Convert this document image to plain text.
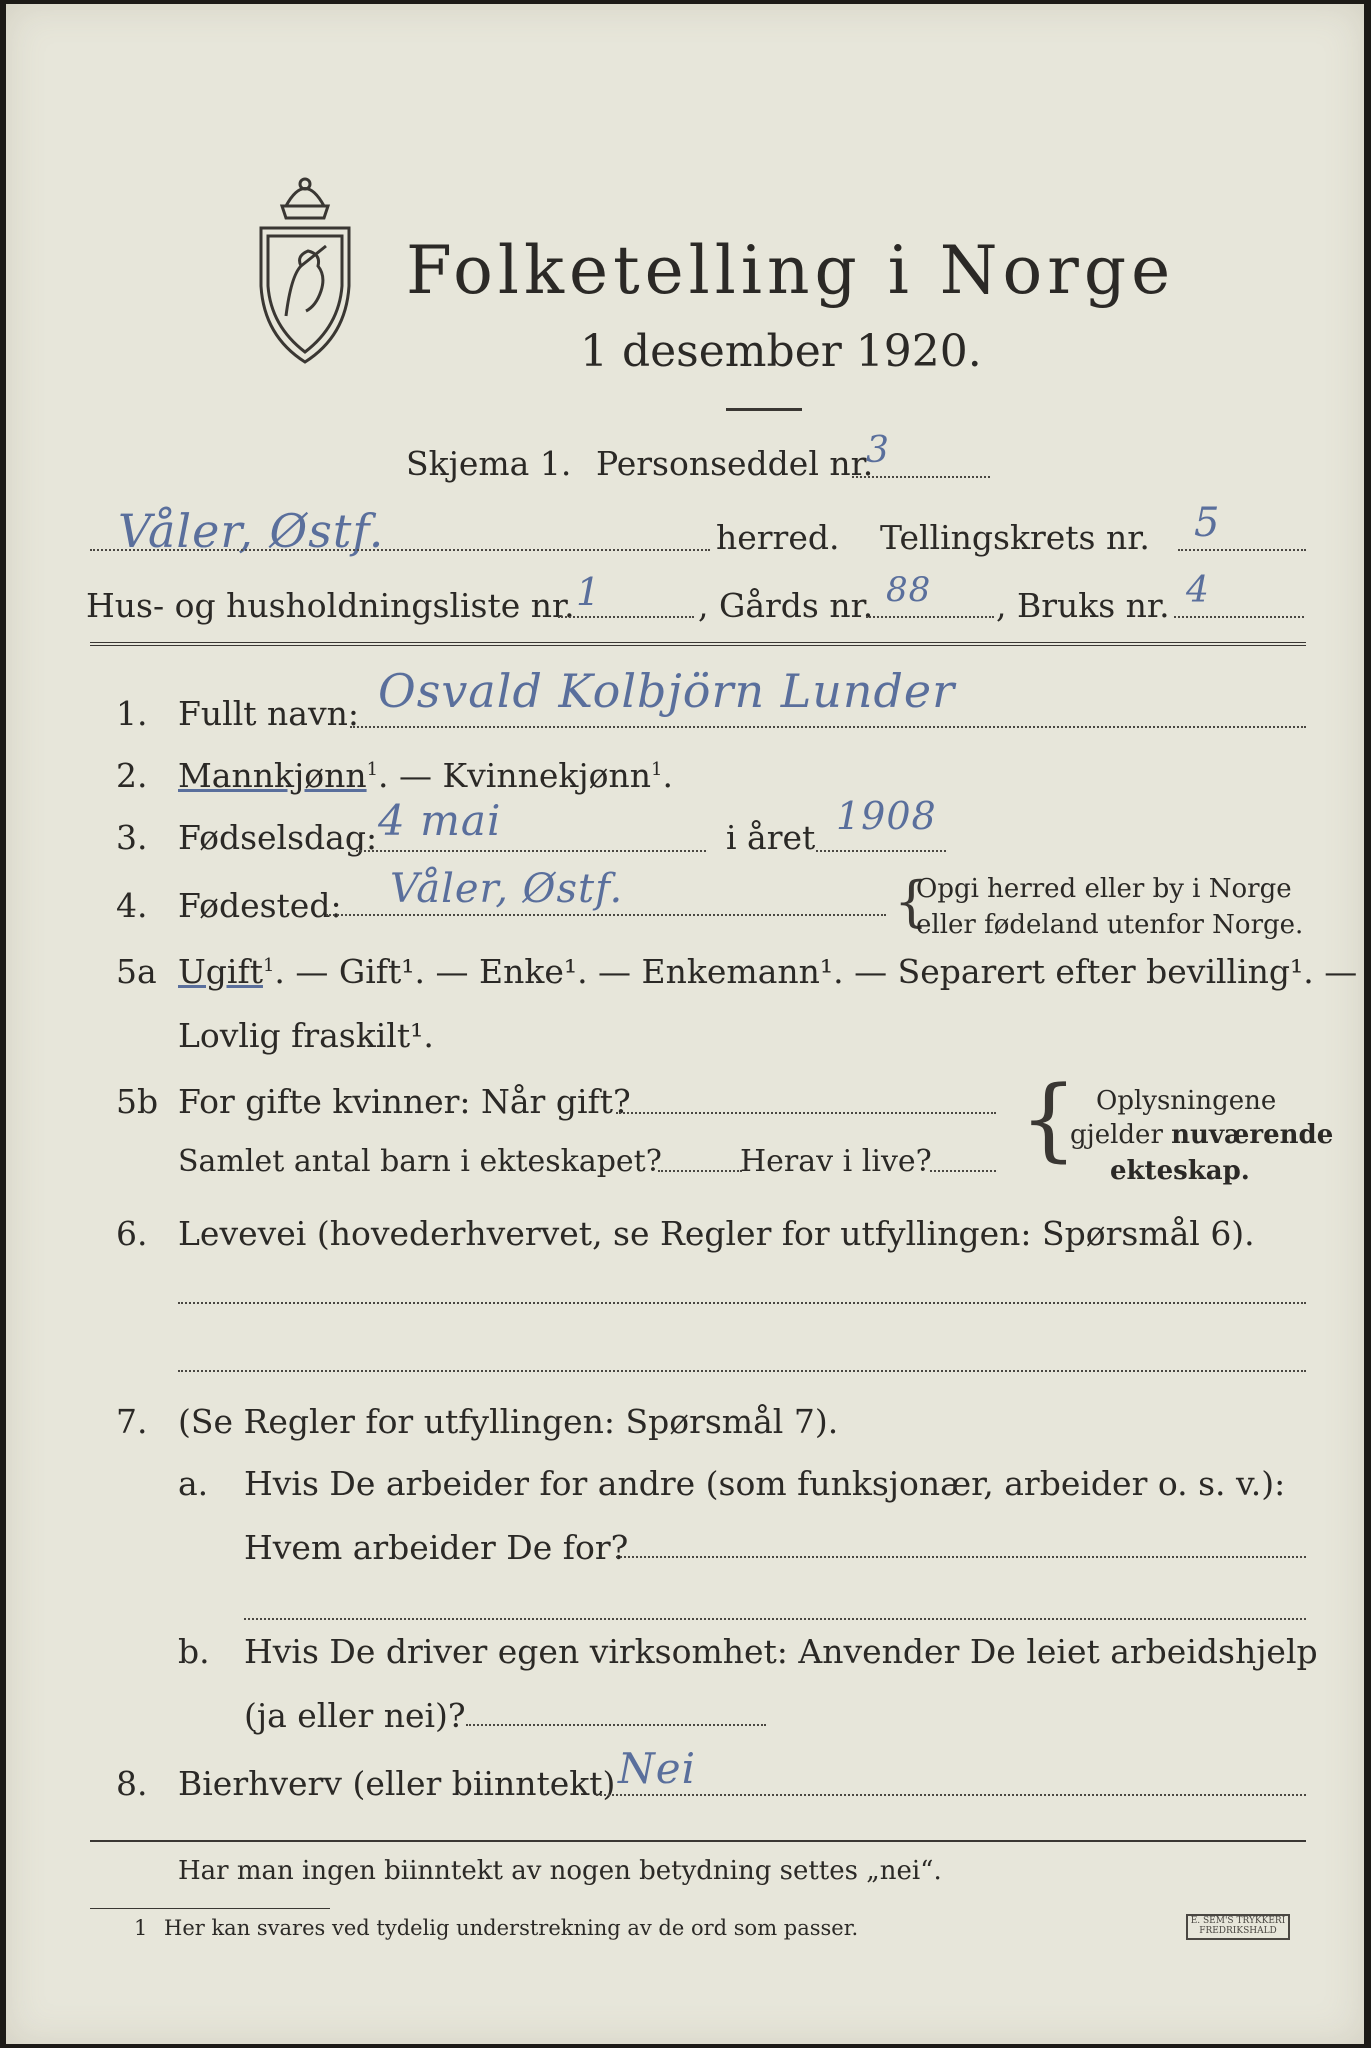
Folketelling i Norge
1 desember 1920.
Skjema 1. Personseddel nr.
3
Våler, Østf.	herred. Tellingskrets nr. 5
Hus- og husholdningsliste nr. 1	, Gårds nr. 88 , Bruks nr. 4
1. Fullt navn: Osvald Kolbjörn Lunder
2. Mannkjønn$^1$. — Kvinnekjønn$^1$.
3. Fødselsdag: 4 mai	i året 1908
4. Fødested: Våler, Østf.	{
Opgi herred eller by i Norge
eller fødeland utenfor Norge.
5a Ugift$^1$. — Gift¹. — Enke¹. — Enkemann¹. — Separert efter bevilling¹. —
Lovlig fraskilt¹.
5b For gifte kvinner: Når gift?
Samlet antal barn i ekteskapet?	Herav i live? { Oplysningene
gjelder nuværende
ekteskap.
6. Levevei (hovederhvervet, se Regler for utfyllingen: Spørsmål 6).
7. (Se Regler for utfyllingen: Spørsmål 7).
a. Hvis De arbeider for andre (som funksjonær, arbeider o. s. v.):
Hvem arbeider De for?
b. Hvis De driver egen virksomhet: Anvender De leiet arbeidshjelp
(ja eller nei)?
8. Bierhverv (eller biinntekt) Nei
Har man ingen biinntekt av nogen betydning settes „nei“.
1 Her kan svares ved tydelig understrekning av de ord som passer.	E. SEM'S TRYKKERI FREDRIKSHALD
